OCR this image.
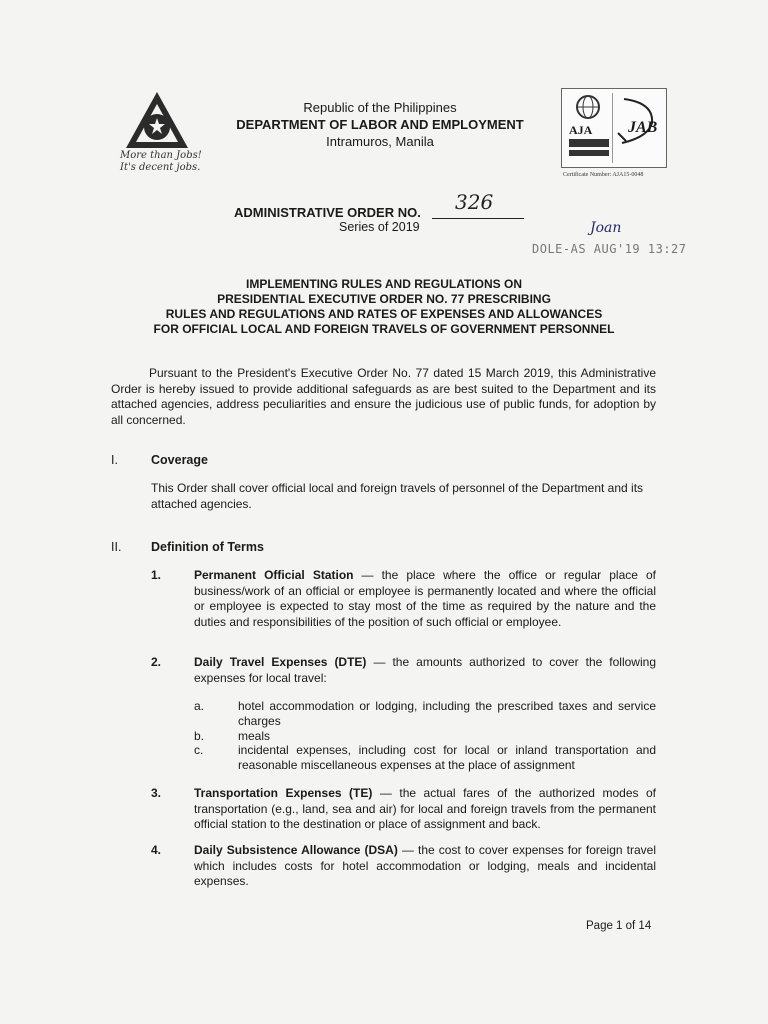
More than Jobs!
It's decent jobs.
Republic of the Philippines
DEPARTMENT OF LABOR AND EMPLOYMENT
Intramuros, Manila
AJA JAB
Certificate Number: AJA15-0048
ADMINISTRATIVE ORDER NO. 326
Series of 2019	Joan
DOLE-AS AUG'19 13:27
IMPLEMENTING RULES AND REGULATIONS ON
PRESIDENTIAL EXECUTIVE ORDER NO. 77 PRESCRIBING
RULES AND REGULATIONS AND RATES OF EXPENSES AND ALLOWANCES
FOR OFFICIAL LOCAL AND FOREIGN TRAVELS OF GOVERNMENT PERSONNEL
Pursuant to the President's Executive Order No. 77 dated 15 March 2019, this Administrative Order is hereby issued to provide additional safeguards as are best suited to the Department and its attached agencies, address peculiarities and ensure the judicious use of public funds, for adoption by all concerned.
I.	Coverage
This Order shall cover official local and foreign travels of personnel of the Department and its attached agencies.
II. Definition of Terms
1.	Permanent Official Station — the place where the office or regular place of business/work of an official or employee is permanently located and where the official or employee is expected to stay most of the time as required by the nature and the duties and responsibilities of the position of such official or employee.
2.	Daily Travel Expenses (DTE) — the amounts authorized to cover the following expenses for local travel:
a.	hotel accommodation or lodging, including the prescribed taxes and service charges
b.	meals
c.	incidental expenses, including cost for local or inland transportation and reasonable miscellaneous expenses at the place of assignment
3.	Transportation Expenses (TE) — the actual fares of the authorized modes of transportation (e.g., land, sea and air) for local and foreign travels from the permanent official station to the destination or place of assignment and back.
4.	Daily Subsistence Allowance (DSA) — the cost to cover expenses for foreign travel which includes costs for hotel accommodation or lodging, meals and incidental expenses.
Page 1 of 14
